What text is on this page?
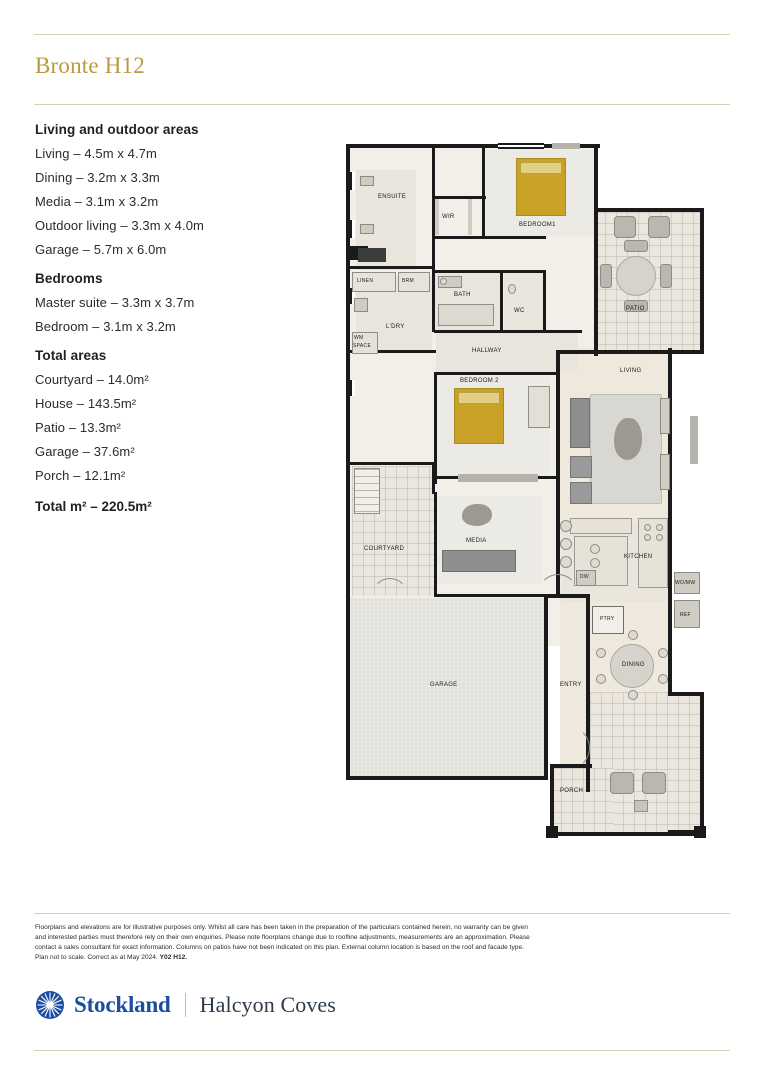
Bronte H12
Living and outdoor areas
Living – 4.5m x 4.7m
Dining – 3.2m x 3.3m
Media – 3.1m x 3.2m
Outdoor living – 3.3m x 4.0m
Garage – 5.7m x 6.0m
Bedrooms
Master suite – 3.3m x 3.7m
Bedroom – 3.1m x 3.2m
Total areas
Courtyard – 14.0m²
House – 143.5m²
Patio – 13.3m²
Garage – 37.6m²
Porch – 12.1m²
Total m² – 220.5m²
ENSUITE
WIR
BEDROOM1
LINEN	BRM
BATH
WC
WM
SPACE
L'DRY
HALLWAY
PATIO
LIVING
BEDROOM 2
COURTYARD
MEDIA
DW
KITCHEN
WO/MW
REF
PTRY
GARAGE	ENTRY
DINING
PORCH
Floorplans and elevations are for illustrative purposes only. Whilst all care has been taken in the preparation of the particulars contained herein, no warranty can be given
and interested parties must therefore rely on their own enquiries. Please note floorplans change due to roofline adjustments, measurements are an approximation. Please
contact a sales consultant for exact information. Columns on patios have not been indicated on this plan. External column location is based on the roof and facade type.
Plan not to scale. Correct as at May 2024. Y02 H12.
Stockland Halcyon Coves
